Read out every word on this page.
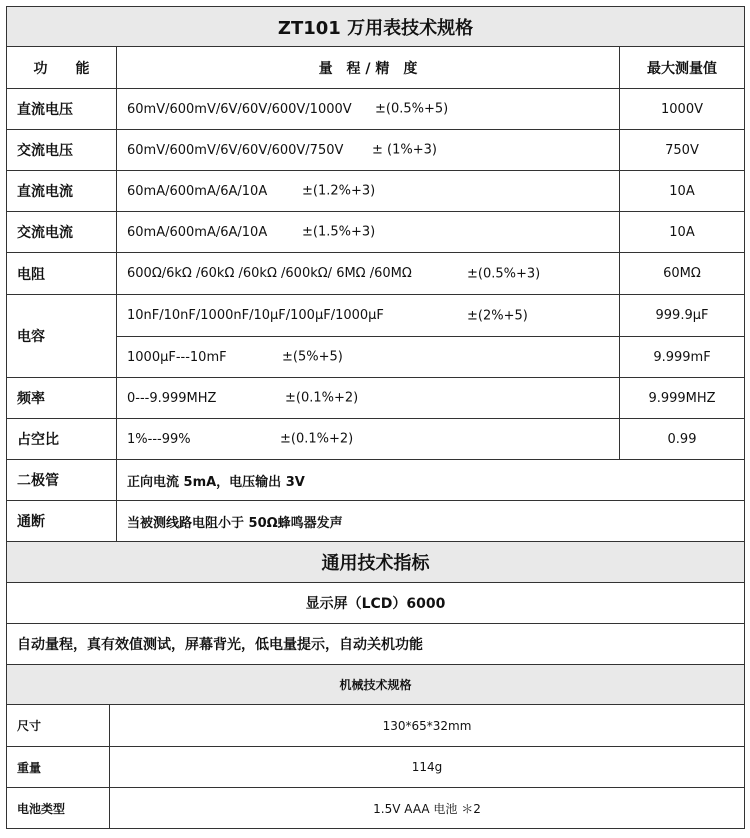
ZT101 万用表技术规格		
功　　能	量　程 / 精　度	最大测量值
直流电压	60mV/600mV/6V/60V/600V/1000V ±(0.5%+5)	1000V
交流电压	60mV/600mV/6V/60V/600V/750V ± (1%+3)	750V
直流电流	60mA/600mA/6A/10A ±(1.2%+3)	10A
交流电流	60mA/600mA/6A/10A ±(1.5%+3)	10A
电阻	600Ω/6kΩ /60kΩ /60kΩ /600kΩ/ 6MΩ /60MΩ ±(0.5%+3)	60MΩ
电容	10nF/10nF/1000nF/10μF/100μF/1000μF ±(2%+5)	999.9μF
	1000μF---10mF ±(5%+5)	9.999mF
频率	0---9.999MHZ ±(0.1%+2)	9.999MHZ
占空比	1%---99% ±(0.1%+2)	0.99
二极管	正向电流 5mA，电压输出 3V	
通断	当被测线路电阻小于 50Ω蜂鸣器发声	
通用技术指标		
显示屏（LCD）6000		
自动量程，真有效值测试，屏幕背光，低电量提示，自动关机功能		
机械技术规格	
尺寸	130*65*32mm
重量	114g
电池类型	1.5V AAA 电池 ＊2
